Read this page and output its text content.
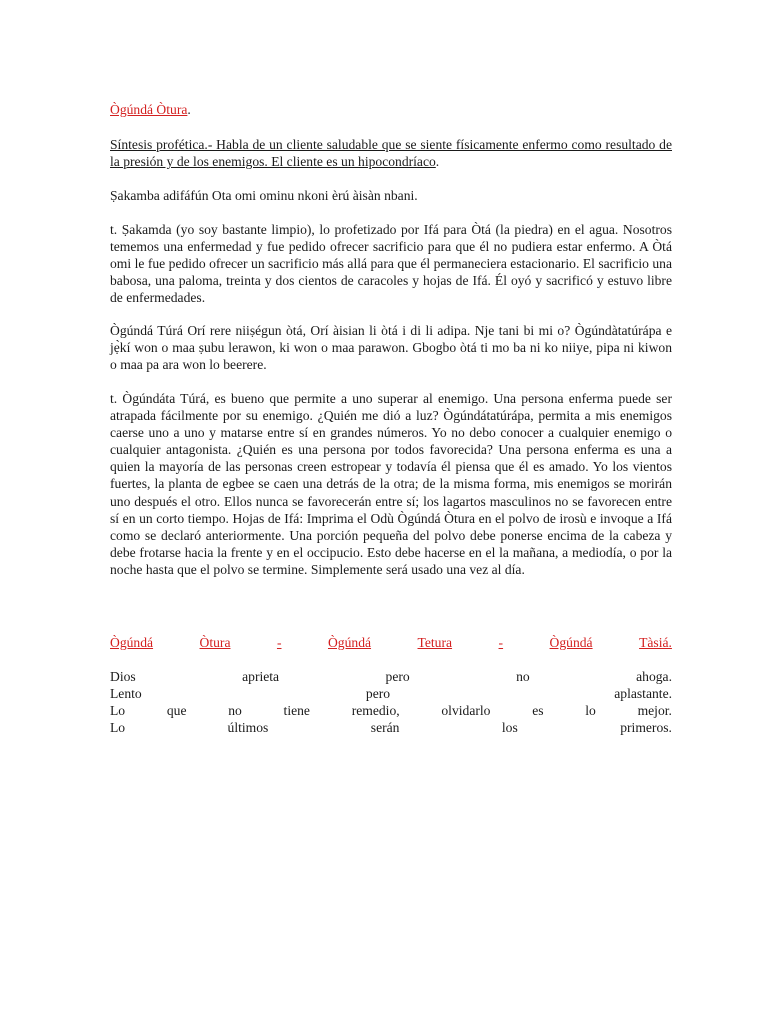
Ògúndá Òtura.

Síntesis profética.- Habla de un cliente saludable que se siente físicamente enfermo como resultado de la presión y de los enemigos. El cliente es un hipocondríaco.

Ṣakamba adifáfún Ota omi ominu nkoni èrú àisàn nbani.

t. Ṣakamda (yo soy bastante limpio), lo profetizado por Ifá para Òtá (la piedra) en el agua. Nosotros tememos una enfermedad y fue pedido ofrecer sacrificio para que él no pudiera estar enfermo. A Òtá omi le fue pedido ofrecer un sacrificio más allá para que él permaneciera estacionario. El sacrificio una babosa, una paloma, treinta y dos cientos de caracoles y hojas de Ifá. Él oyó y sacrificó y estuvo libre de enfermedades.

Ògúndá Túrá Orí rere niiṣégun òtá, Orí àisian li òtá i di li adipa. Nje tani bi mi o? Ògúndàtatúrápa e jẹ̀kí won o maa ṣubu lerawon, ki won o maa parawon. Gbogbo òtá ti mo ba ni ko niiye, pipa ni kiwon o maa pa ara won lo beerere.

t. Ògúndáta Túrá, es bueno que permite a uno superar al enemigo. Una persona enferma puede ser atrapada fácilmente por su enemigo. ¿Quién me dió a luz? Ògúndátatúrápa, permita a mis enemigos caerse uno a uno y matarse entre sí en grandes números. Yo no debo conocer a cualquier enemigo o cualquier antagonista. ¿Quién es una persona por todos favorecida? Una persona enferma es una a quien la mayoría de las personas creen estropear y todavía él piensa que él es amado. Yo los vientos fuertes, la planta de egbee se caen una detrás de la otra; de la misma forma, mis enemigos se morirán uno después el otro. Ellos nunca se favorecerán entre sí; los lagartos masculinos no se favorecen entre sí en un corto tiempo. Hojas de Ifá: Imprima el Odù Ògúndá Òtura en el polvo de irosù e invoque a Ifá como se declaró anteriormente. Una porción pequeña del polvo debe ponerse encima de la cabeza y debe frotarse hacia la frente y en el occipucio. Esto debe hacerse en el la mañana, a mediodía, o por la noche hasta que el polvo se termine. Simplemente será usado una vez al día.

Ògúndá	Òtura	-	Ògúndá	Tetura	-	Ògúndá	Tàsiá.
Dios	aprieta	pero	no	ahoga.
Lento	pero	aplastante.
Lo	que	no	tiene	remedio,	olvidarlo	es	lo	mejor.
Lo	últimos	serán	los	primeros.
